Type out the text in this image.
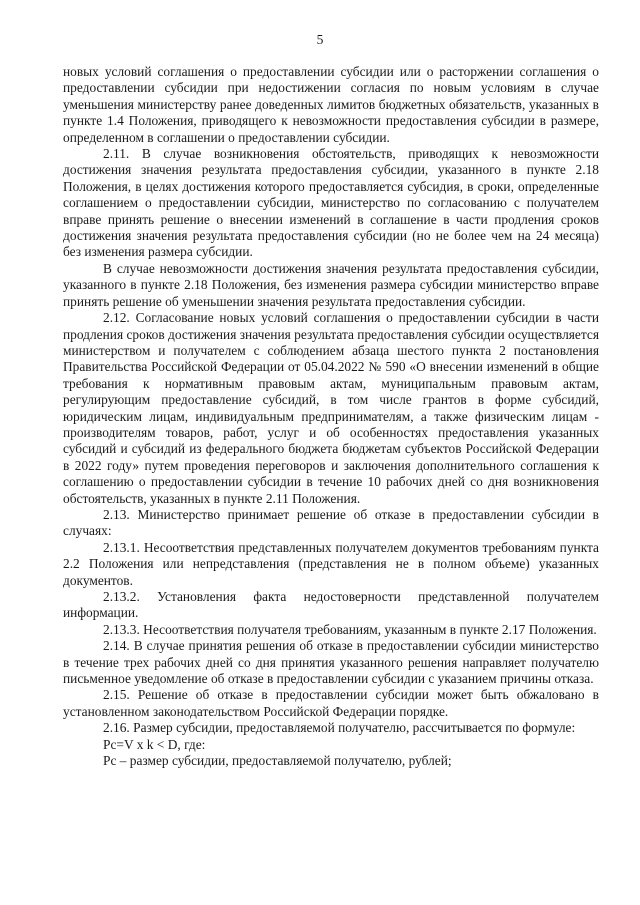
5

новых условий соглашения о предоставлении субсидии или о расторжении соглашения о предоставлении субсидии при недостижении согласия по новым условиям в случае уменьшения министерству ранее доведенных лимитов бюджетных обязательств, указанных в пункте 1.4 Положения, приводящего к невозможности предоставления субсидии в размере, определенном в соглашении о предоставлении субсидии.

2.11. В случае возникновения обстоятельств, приводящих к невозможности достижения значения результата предоставления субсидии, указанного в пункте 2.18 Положения, в целях достижения которого предоставляется субсидия, в сроки, определенные соглашением о предоставлении субсидии, министерство по согласованию с получателем вправе принять решение о внесении изменений в соглашение в части продления сроков достижения значения результата предоставления субсидии (но не более чем на 24 месяца) без изменения размера субсидии.

В случае невозможности достижения значения результата предоставления субсидии, указанного в пункте 2.18 Положения, без изменения размера субсидии министерство вправе принять решение об уменьшении значения результата предоставления субсидии.

2.12. Согласование новых условий соглашения о предоставлении субсидии в части продления сроков достижения значения результата предоставления субсидии осуществляется министерством и получателем с соблюдением абзаца шестого пункта 2 постановления Правительства Российской Федерации от 05.04.2022 № 590 «О внесении изменений в общие требования к нормативным правовым актам, муниципальным правовым актам, регулирующим предоставление субсидий, в том числе грантов в форме субсидий, юридическим лицам, индивидуальным предпринимателям, а также физическим лицам - производителям товаров, работ, услуг и об особенностях предоставления указанных субсидий и субсидий из федерального бюджета бюджетам субъектов Российской Федерации в 2022 году» путем проведения переговоров и заключения дополнительного соглашения к соглашению о предоставлении субсидии в течение 10 рабочих дней со дня возникновения обстоятельств, указанных в пункте 2.11 Положения.

2.13. Министерство принимает решение об отказе в предоставлении субсидии в случаях:

2.13.1. Несоответствия представленных получателем документов требованиям пункта 2.2 Положения или непредставления (представления не в полном объеме) указанных документов.

2.13.2. Установления факта недостоверности представленной получателем информации.

2.13.3. Несоответствия получателя требованиям, указанным в пункте 2.17 Положения.

2.14. В случае принятия решения об отказе в предоставлении субсидии министерство в течение трех рабочих дней со дня принятия указанного решения направляет получателю письменное уведомление об отказе в предоставлении субсидии с указанием причины отказа.

2.15. Решение об отказе в предоставлении субсидии может быть обжаловано в установленном законодательством Российской Федерации порядке.

2.16. Размер субсидии, предоставляемой получателю, рассчитывается по формуле:

Рс=V x k < D, где:

Рс – размер субсидии, предоставляемой получателю, рублей;
